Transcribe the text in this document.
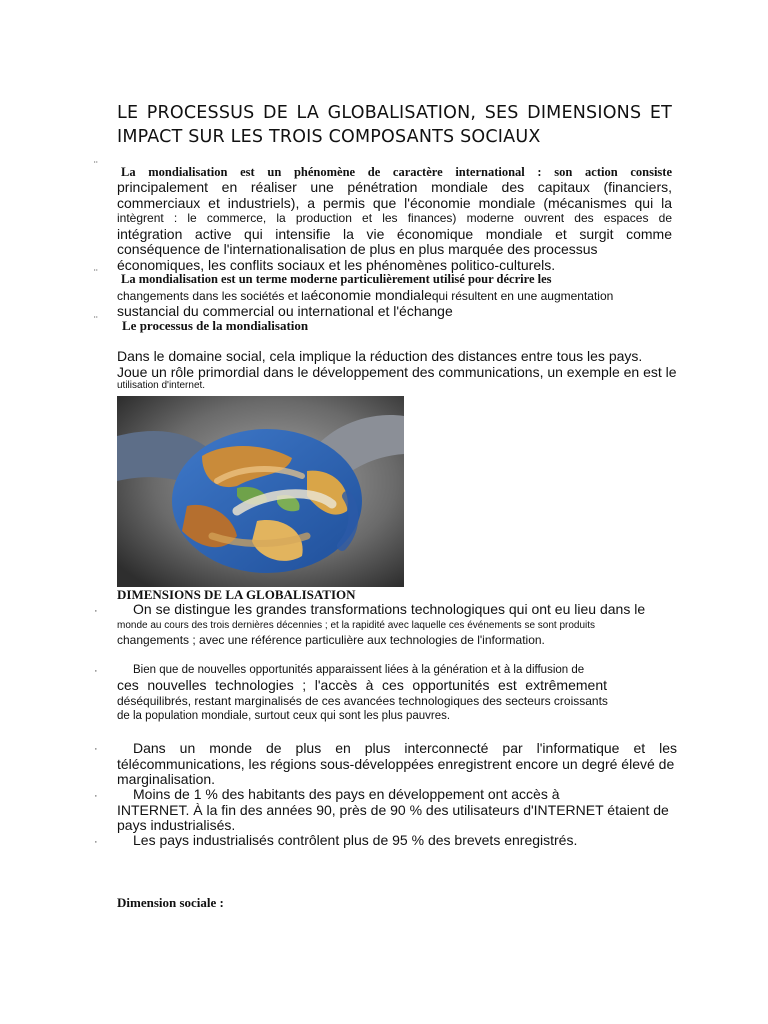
LE PROCESSUS DE LA GLOBALISATION, SES DIMENSIONS ET
IMPACT SUR LES TROIS COMPOSANTS SOCIAUX
¨	La mondialisation est un phénomène de caractère international : son action consiste
principalement en réaliser une pénétration mondiale des capitaux (financiers,
commerciaux et industriels), a permis que l'économie mondiale (mécanismes qui la
intègrent : le commerce, la production et les finances) moderne ouvrent des espaces de
intégration active qui intensifie la vie économique mondiale et surgit comme
conséquence de l'internationalisation de plus en plus marquée des processus
économiques, les conflits sociaux et les phénomènes politico-culturels.
¨	La mondialisation est un terme moderne particulièrement utilisé pour décrire les
changements dans les sociétés et laéconomie mondialequi résultent en une augmentation
sustancial du commercial ou international et l'échange
¨	Le processus de la mondialisation
Dans le domaine social, cela implique la réduction des distances entre tous les pays.
Joue un rôle primordial dans le développement des communications, un exemple en est le
utilisation d'internet.
DIMENSIONS DE LA GLOBALISATION
·	On se distingue les grandes transformations technologiques qui ont eu lieu dans le
monde au cours des trois dernières décennies ; et la rapidité avec laquelle ces événements se sont produits
changements ; avec une référence particulière aux technologies de l'information.
·	Bien que de nouvelles opportunités apparaissent liées à la génération et à la diffusion de
ces nouvelles technologies ; l'accès à ces opportunités est extrêmement
déséquilibrés, restant marginalisés de ces avancées technologiques des secteurs croissants
de la population mondiale, surtout ceux qui sont les plus pauvres.
·	Dans un monde de plus en plus interconnecté par l'informatique et les
télécommunications, les régions sous-développées enregistrent encore un degré élevé de
marginalisation.
·	Moins de 1 % des habitants des pays en développement ont accès à
INTERNET. À la fin des années 90, près de 90 % des utilisateurs d'INTERNET étaient de
pays industrialisés.
·	Les pays industrialisés contrôlent plus de 95 % des brevets enregistrés.
Dimension sociale :
